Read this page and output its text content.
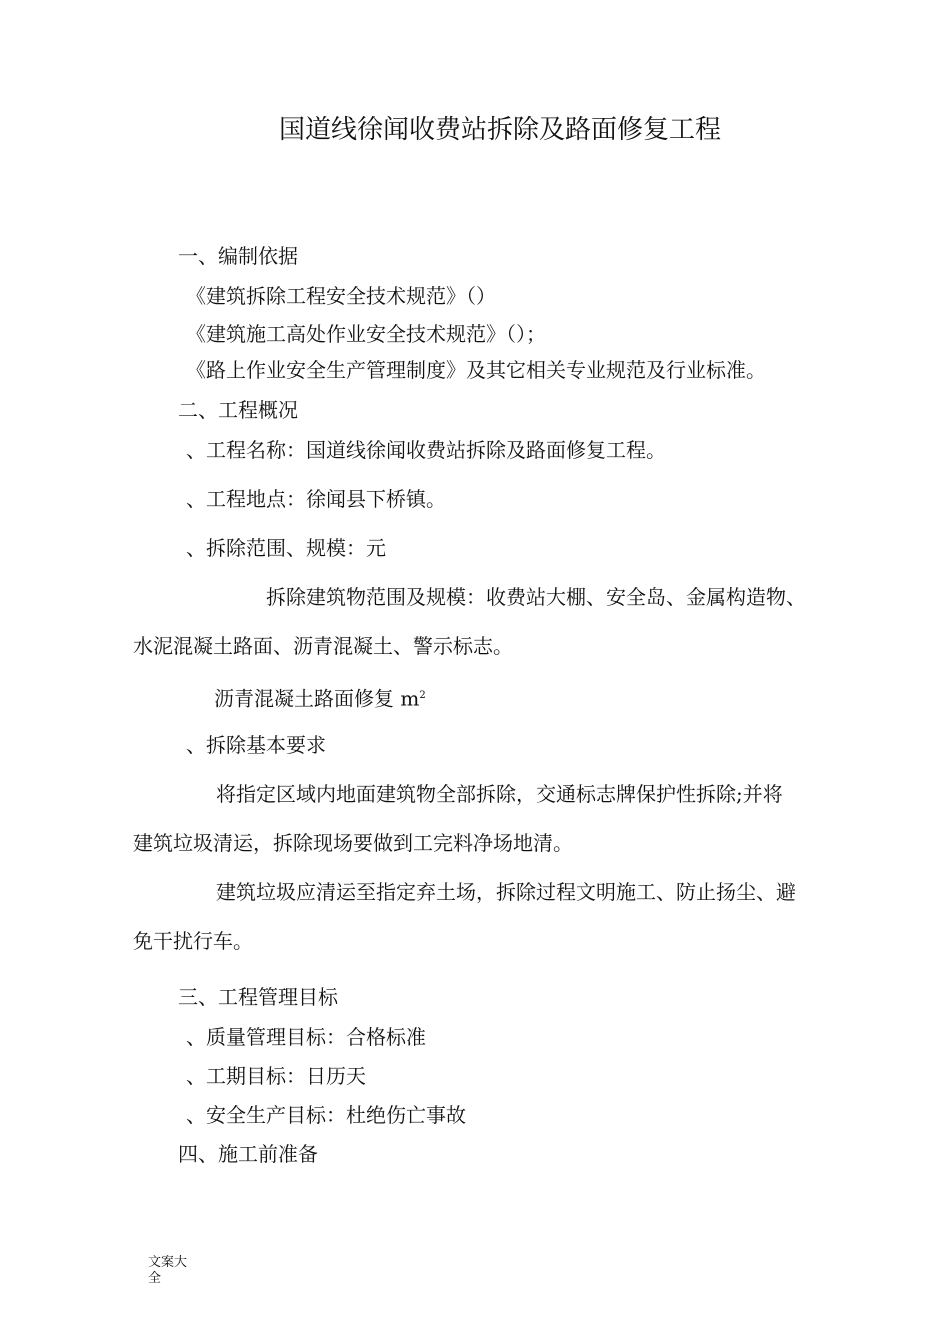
国道线徐闻收费站拆除及路面修复工程
一、编制依据
《建筑拆除工程安全技术规范》（）
《建筑施工高处作业安全技术规范》（）；
《路上作业安全生产管理制度》及其它相关专业规范及行业标准。
二、工程概况
、工程名称：国道线徐闻收费站拆除及路面修复工程。
、工程地点：徐闻县下桥镇。
、拆除范围、规模：元
拆除建筑物范围及规模：收费站大棚、安全岛、金属构造物、
水泥混凝土路面、沥青混凝土、警示标志。
沥青混凝土路面修复 $m^2$
、拆除基本要求
将指定区域内地面建筑物全部拆除，交通标志牌保护性拆除;并将
建筑垃圾清运，拆除现场要做到工完料净场地清。
建筑垃圾应清运至指定弃土场，拆除过程文明施工、防止扬尘、避
免干扰行车。
三、工程管理目标
、质量管理目标：合格标准
、工期目标：日历天
、安全生产目标：杜绝伤亡事故
四、施工前准备
文案大全
